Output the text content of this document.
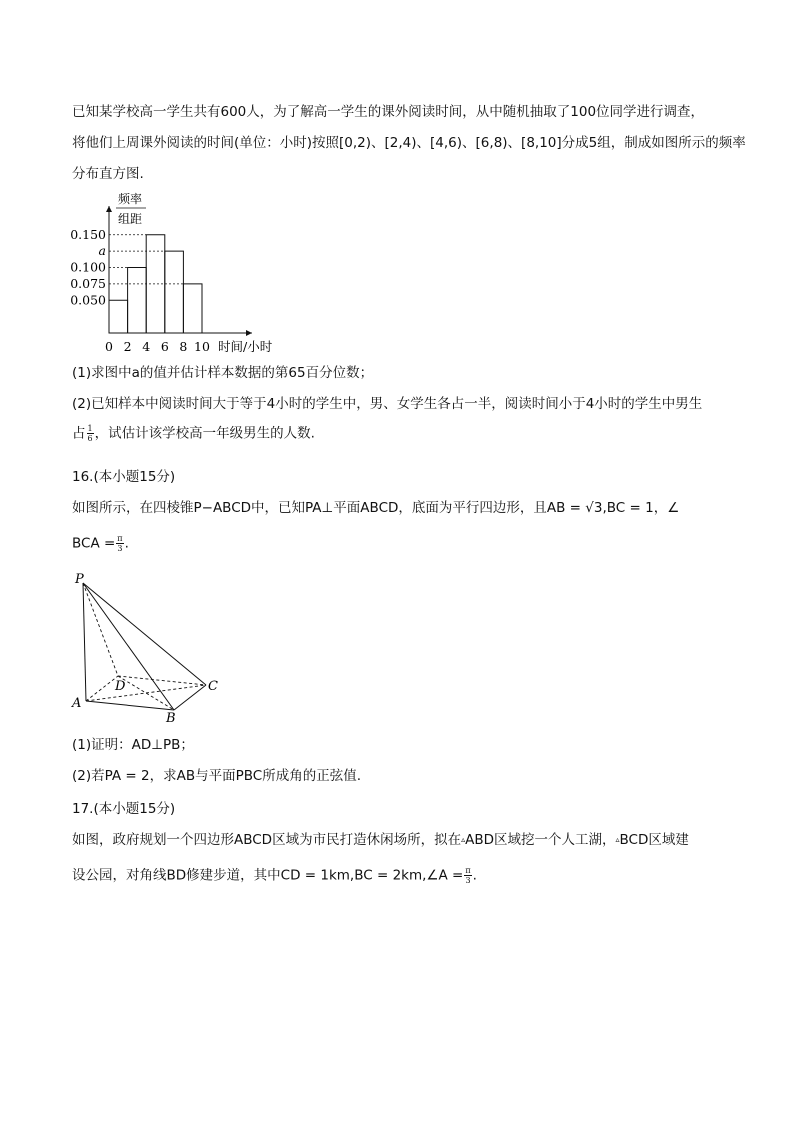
已知某学校高一学生共有600人，为了解高一学生的课外阅读时间，从中随机抽取了100位同学进行调查，
将他们上周课外阅读的时间(单位：小时)按照[0,2)、[2,4)、[4,6)、[6,8)、[8,10]分成5组，制成如图所示的频率
分布直方图.
频率
组距
0.150
a
0.100
0.075
0.050
0 2 4 6 8 10 时间/小时
(1)求图中a的值并估计样本数据的第65百分位数；
(2)已知样本中阅读时间大于等于4小时的学生中，男、女学生各占一半，阅读时间小于4小时的学生中男生
占 $\frac{1}{6}$ ，试估计该学校高一年级男生的人数.
16.(本小题15分)
如图所示，在四棱锥P−ABCD中，已知PA⊥平面ABCD，底面为平行四边形，且AB = √3,BC = 1，∠
BCA = $\frac{\pi}{3}$ .
P
A
B
C
D
(1)证明：AD⊥PB；
(2)若PA = 2，求AB与平面PBC所成角的正弦值.
17.(本小题15分)
如图，政府规划一个四边形ABCD区域为市民打造休闲场所，拟在▵ABD区域挖一个人工湖，▵BCD区域建
设公园，对角线BD修建步道，其中CD = 1km,BC = 2km,∠A = $\frac{\pi}{3}$ .
